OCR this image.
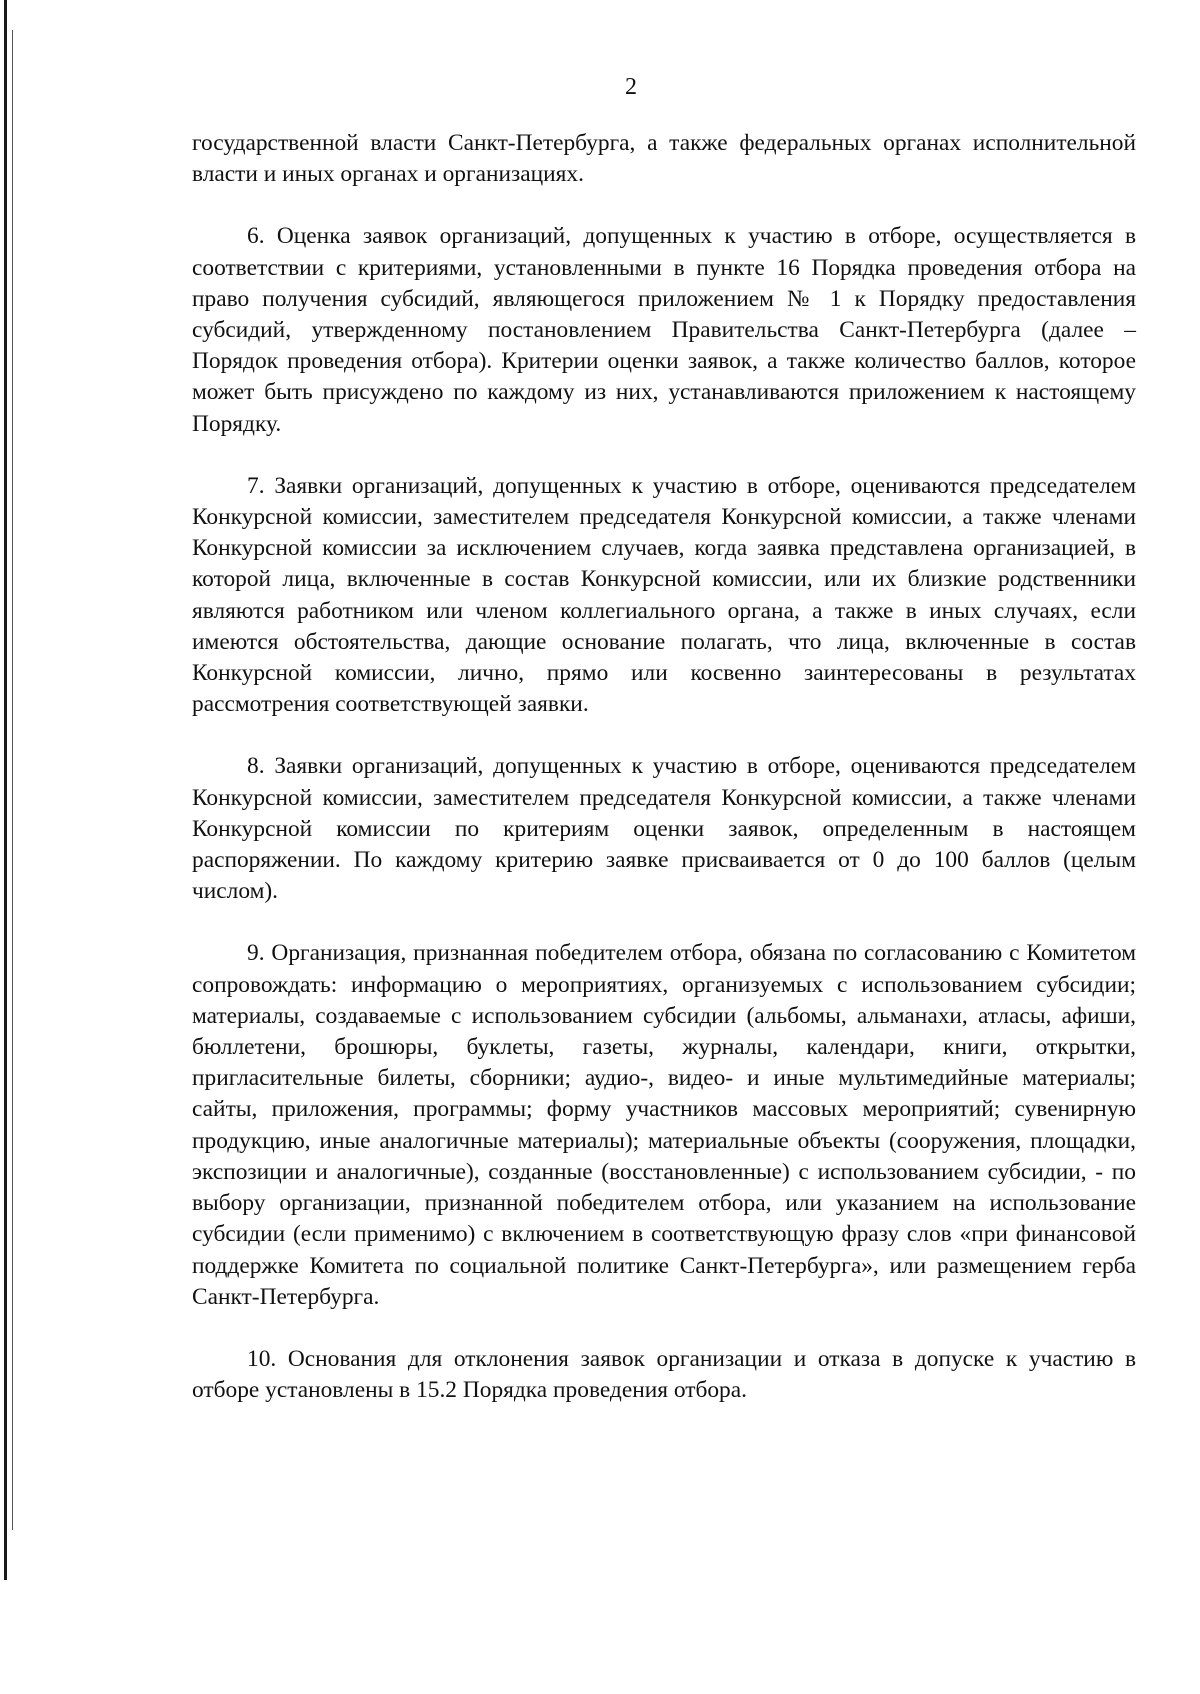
2

государственной власти Санкт-Петербурга, а также федеральных органах исполнительной власти и иных органах и организациях.

6. Оценка заявок организаций, допущенных к участию в отборе, осуществляется в соответствии с критериями, установленными в пункте 16 Порядка проведения отбора на право получения субсидий, являющегося приложением № 1 к Порядку предоставления субсидий, утвержденному постановлением Правительства Санкт-Петербурга (далее – Порядок проведения отбора). Критерии оценки заявок, а также количество баллов, которое может быть присуждено по каждому из них, устанавливаются приложением к настоящему Порядку.

7. Заявки организаций, допущенных к участию в отборе, оцениваются председателем Конкурсной комиссии, заместителем председателя Конкурсной комиссии, а также членами Конкурсной комиссии за исключением случаев, когда заявка представлена организацией, в которой лица, включенные в состав Конкурсной комиссии, или их близкие родственники являются работником или членом коллегиального органа, а также в иных случаях, если имеются обстоятельства, дающие основание полагать, что лица, включенные в состав Конкурсной комиссии, лично, прямо или косвенно заинтересованы в результатах рассмотрения соответствующей заявки.

8. Заявки организаций, допущенных к участию в отборе, оцениваются председателем Конкурсной комиссии, заместителем председателя Конкурсной комиссии, а также членами Конкурсной комиссии по критериям оценки заявок, определенным в настоящем распоряжении. По каждому критерию заявке присваивается от 0 до 100 баллов (целым числом).

9. Организация, признанная победителем отбора, обязана по согласованию с Комитетом сопровождать: информацию о мероприятиях, организуемых с использованием субсидии; материалы, создаваемые с использованием субсидии (альбомы, альманахи, атласы, афиши, бюллетени, брошюры, буклеты, газеты, журналы, календари, книги, открытки, пригласительные билеты, сборники; аудио-, видео- и иные мультимедийные материалы; сайты, приложения, программы; форму участников массовых мероприятий; сувенирную продукцию, иные аналогичные материалы); материальные объекты (сооружения, площадки, экспозиции и аналогичные), созданные (восстановленные) с использованием субсидии, - по выбору организации, признанной победителем отбора, или указанием на использование субсидии (если применимо) с включением в соответствующую фразу слов «при финансовой поддержке Комитета по социальной политике Санкт-Петербурга», или размещением герба Санкт-Петербурга.

10. Основания для отклонения заявок организации и отказа в допуске к участию в отборе установлены в 15.2 Порядка проведения отбора.
